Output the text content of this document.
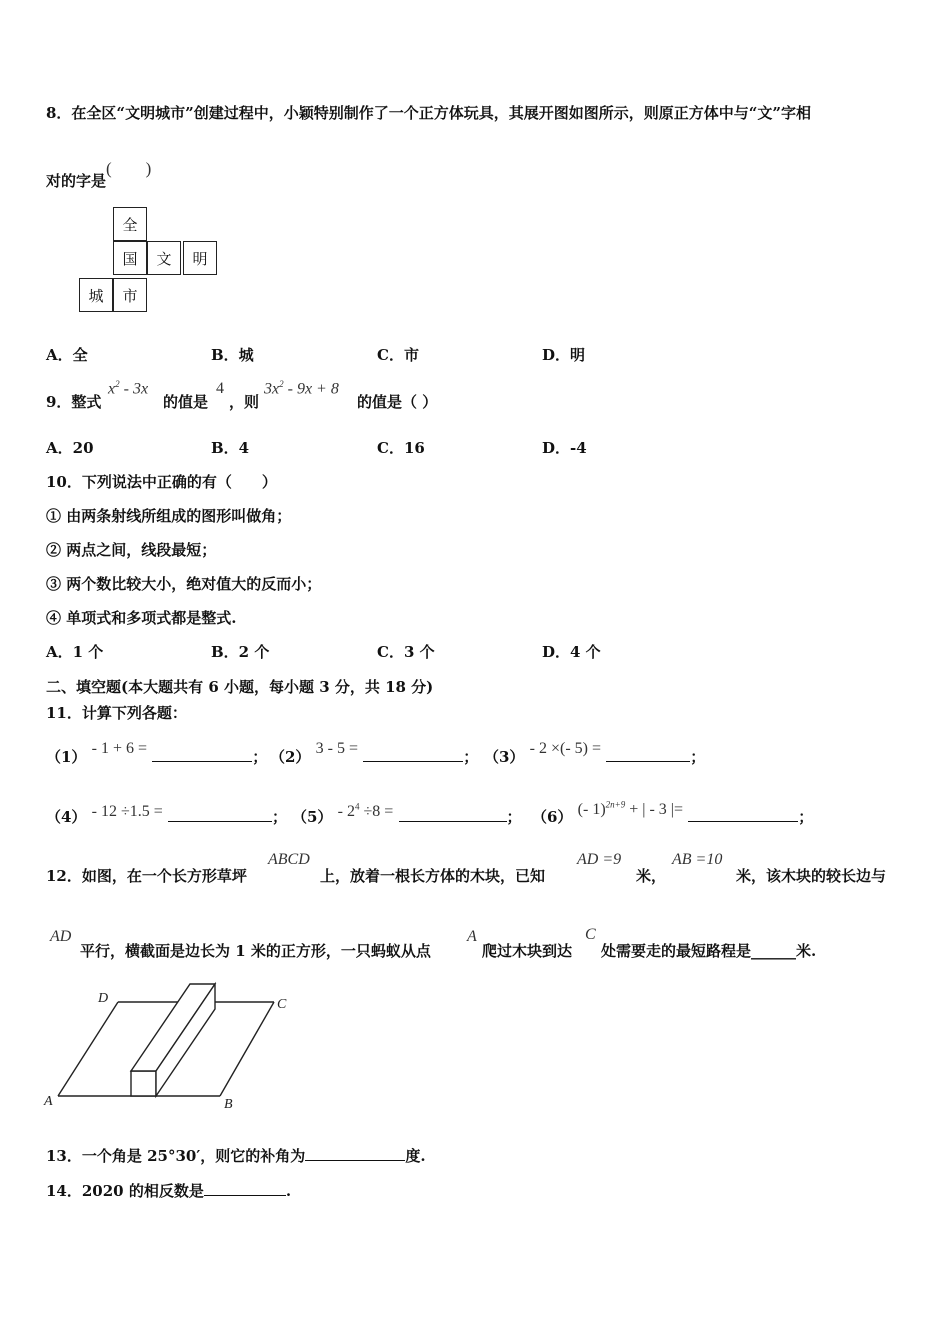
8．在全区“文明城市”创建过程中，小颖特别制作了一个正方体玩具，其展开图如图所示，则原正方体中与“文”字相
对的字是(　　)
全
国	文	明
城	市
A．全	B．城	C．市	D．明
9．整式
$x^2 - 3x$
的值是
4
，则
$3x^2 - 9x + 8$
的值是（ ）
A．20	B．4	C．16	D．-4
10．下列说法中正确的有（　　）
① 由两条射线所组成的图形叫做角；
② 两点之间，线段最短；
③ 两个数比较大小，绝对值大的反而小；
④ 单项式和多项式都是整式.
A．1 个	B．2 个	C．3 个	D．4 个
二、填空题(本大题共有 6 小题，每小题 3 分，共 18 分)
11．计算下列各题：
（1） - 1 + 6 =	； （2） 3 - 5 =	； （3） - 2 ×(- 5) =	；
（4） - 12 ÷1.5 =	； $(5) - 2^4 \div 8$ =	； （6） (- 1)$^{2n+9}$ + | - 3 |=	；
12．如图，在一个长方形草坪
ABCD
上，放着一根长方体的木块，已知
AD =9
米，
AB =10
米，该木块的较长边与
AD
平行，横截面是边长为 1 米的正方形，一只蚂蚁从点
A
爬过木块到达
C
处需要走的最短路程是______米.
D	C
A	B
13．一个角是 25°30′，则它的补角为	度.
14．2020 的相反数是	.
